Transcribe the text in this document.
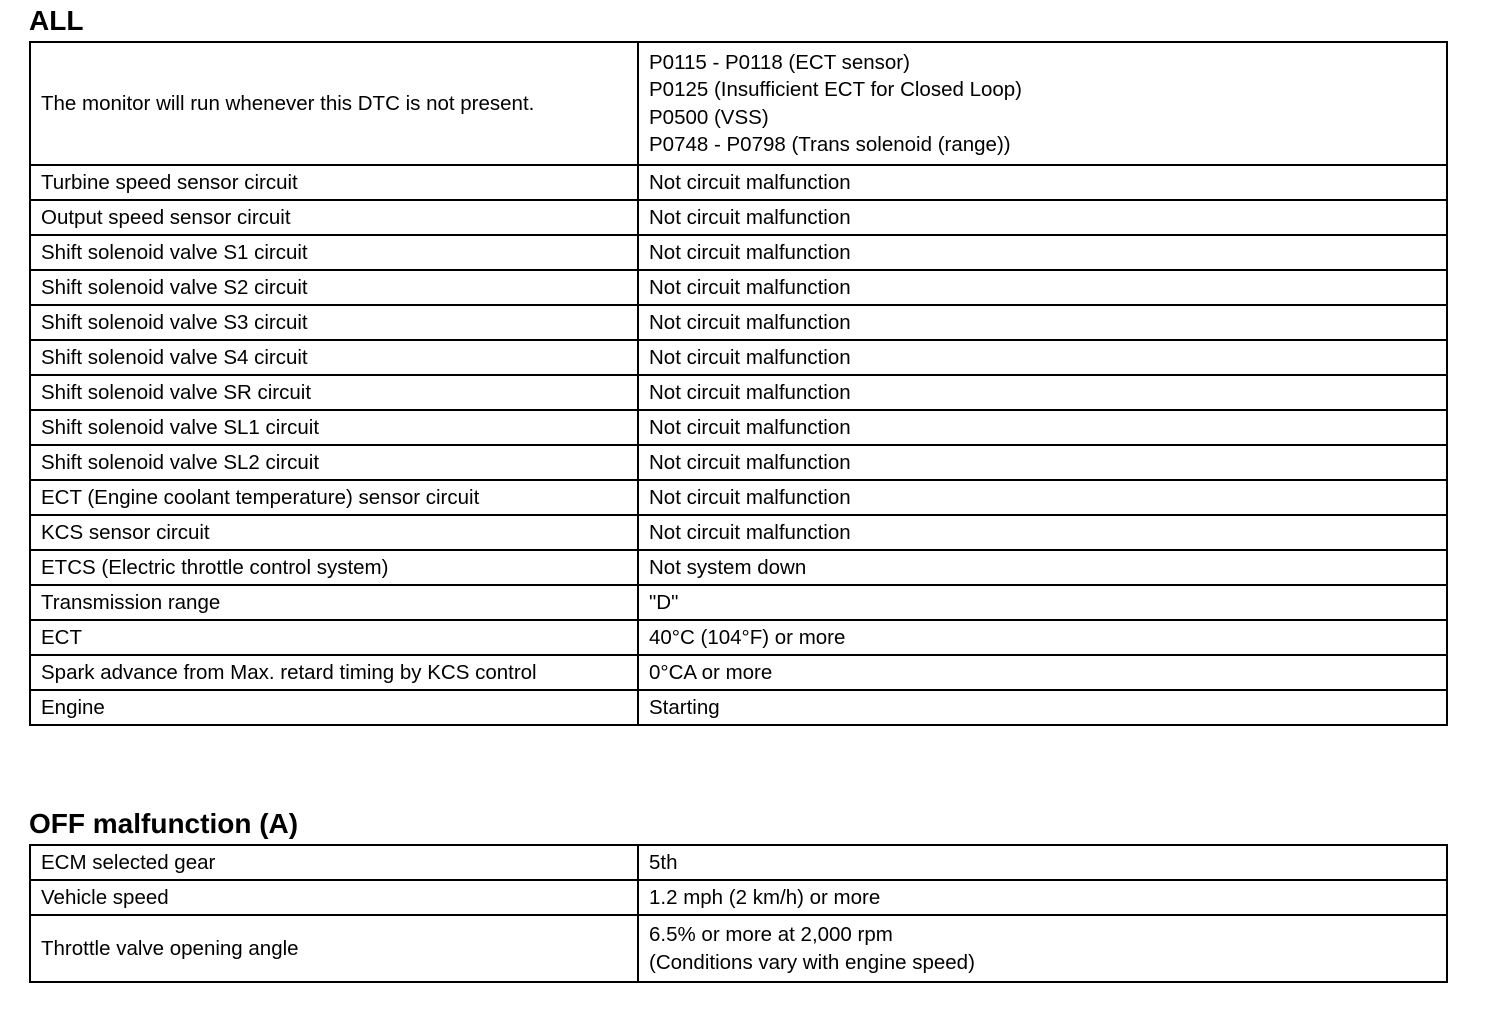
ALL
The monitor will run whenever this DTC is not present.	P0115 - P0118 (ECT sensor)
P0125 (Insufficient ECT for Closed Loop)
P0500 (VSS)
P0748 - P0798 (Trans solenoid (range))

Turbine speed sensor circuit	Not circuit malfunction
Output speed sensor circuit	Not circuit malfunction
Shift solenoid valve S1 circuit	Not circuit malfunction
Shift solenoid valve S2 circuit	Not circuit malfunction
Shift solenoid valve S3 circuit	Not circuit malfunction
Shift solenoid valve S4 circuit	Not circuit malfunction
Shift solenoid valve SR circuit	Not circuit malfunction
Shift solenoid valve SL1 circuit	Not circuit malfunction
Shift solenoid valve SL2 circuit	Not circuit malfunction
ECT (Engine coolant temperature) sensor circuit	Not circuit malfunction
KCS sensor circuit	Not circuit malfunction
ETCS (Electric throttle control system)	Not system down
Transmission range	"D"
ECT	40°C (104°F) or more
Spark advance from Max. retard timing by KCS control	0°CA or more
Engine	Starting
OFF malfunction (A)
ECM selected gear	5th
Vehicle speed	1.2 mph (2 km/h) or more
Throttle valve opening angle	6.5% or more at 2,000 rpm
(Conditions vary with engine speed)
